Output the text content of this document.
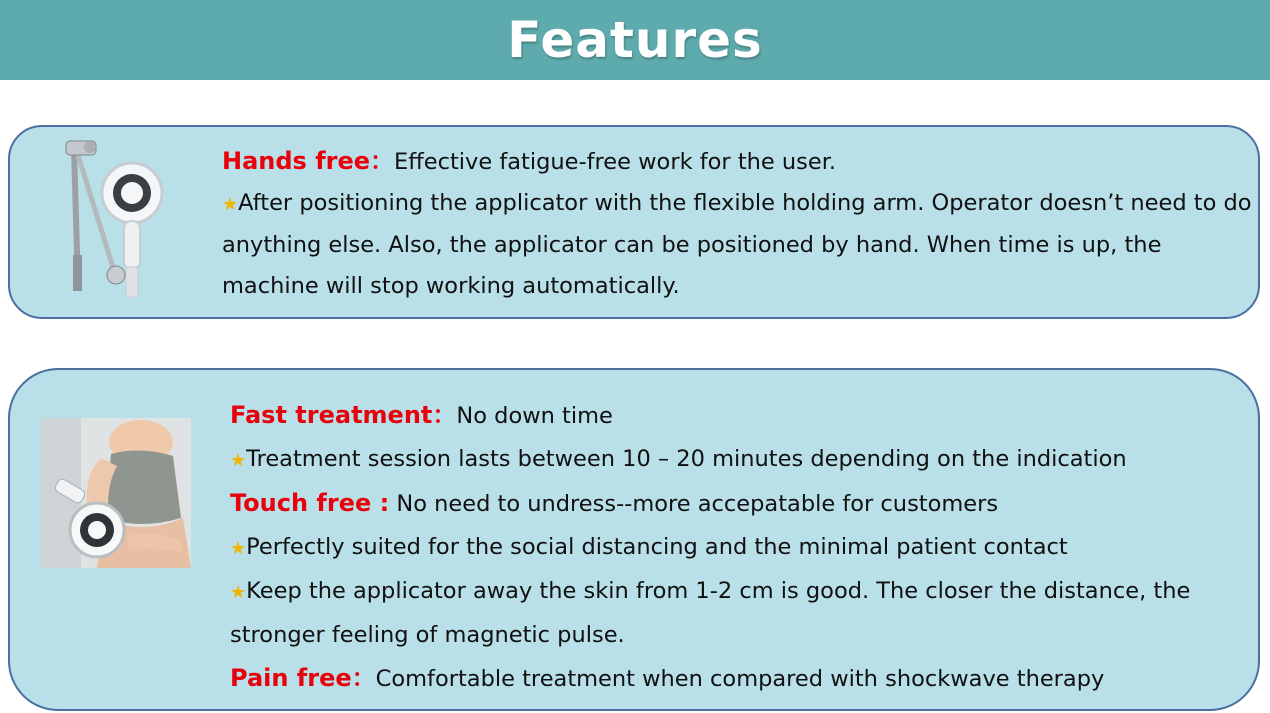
Features

Hands free：Effective fatigue-free work for the user.

★After positioning the applicator with the flexible holding arm. Operator doesn’t need to do anything else. Also, the applicator can be positioned by hand. When time is up, the machine will stop working automatically.

Fast treatment：No down time

★Treatment session lasts between 10 – 20 minutes depending on the indication

Touch free : No need to undress--more accepatable for customers

★Perfectly suited for the social distancing and the minimal patient contact

★Keep the applicator away the skin from 1-2 cm is good. The closer the distance, the stronger feeling of magnetic pulse.

Pain free：Comfortable treatment when compared with shockwave therapy
